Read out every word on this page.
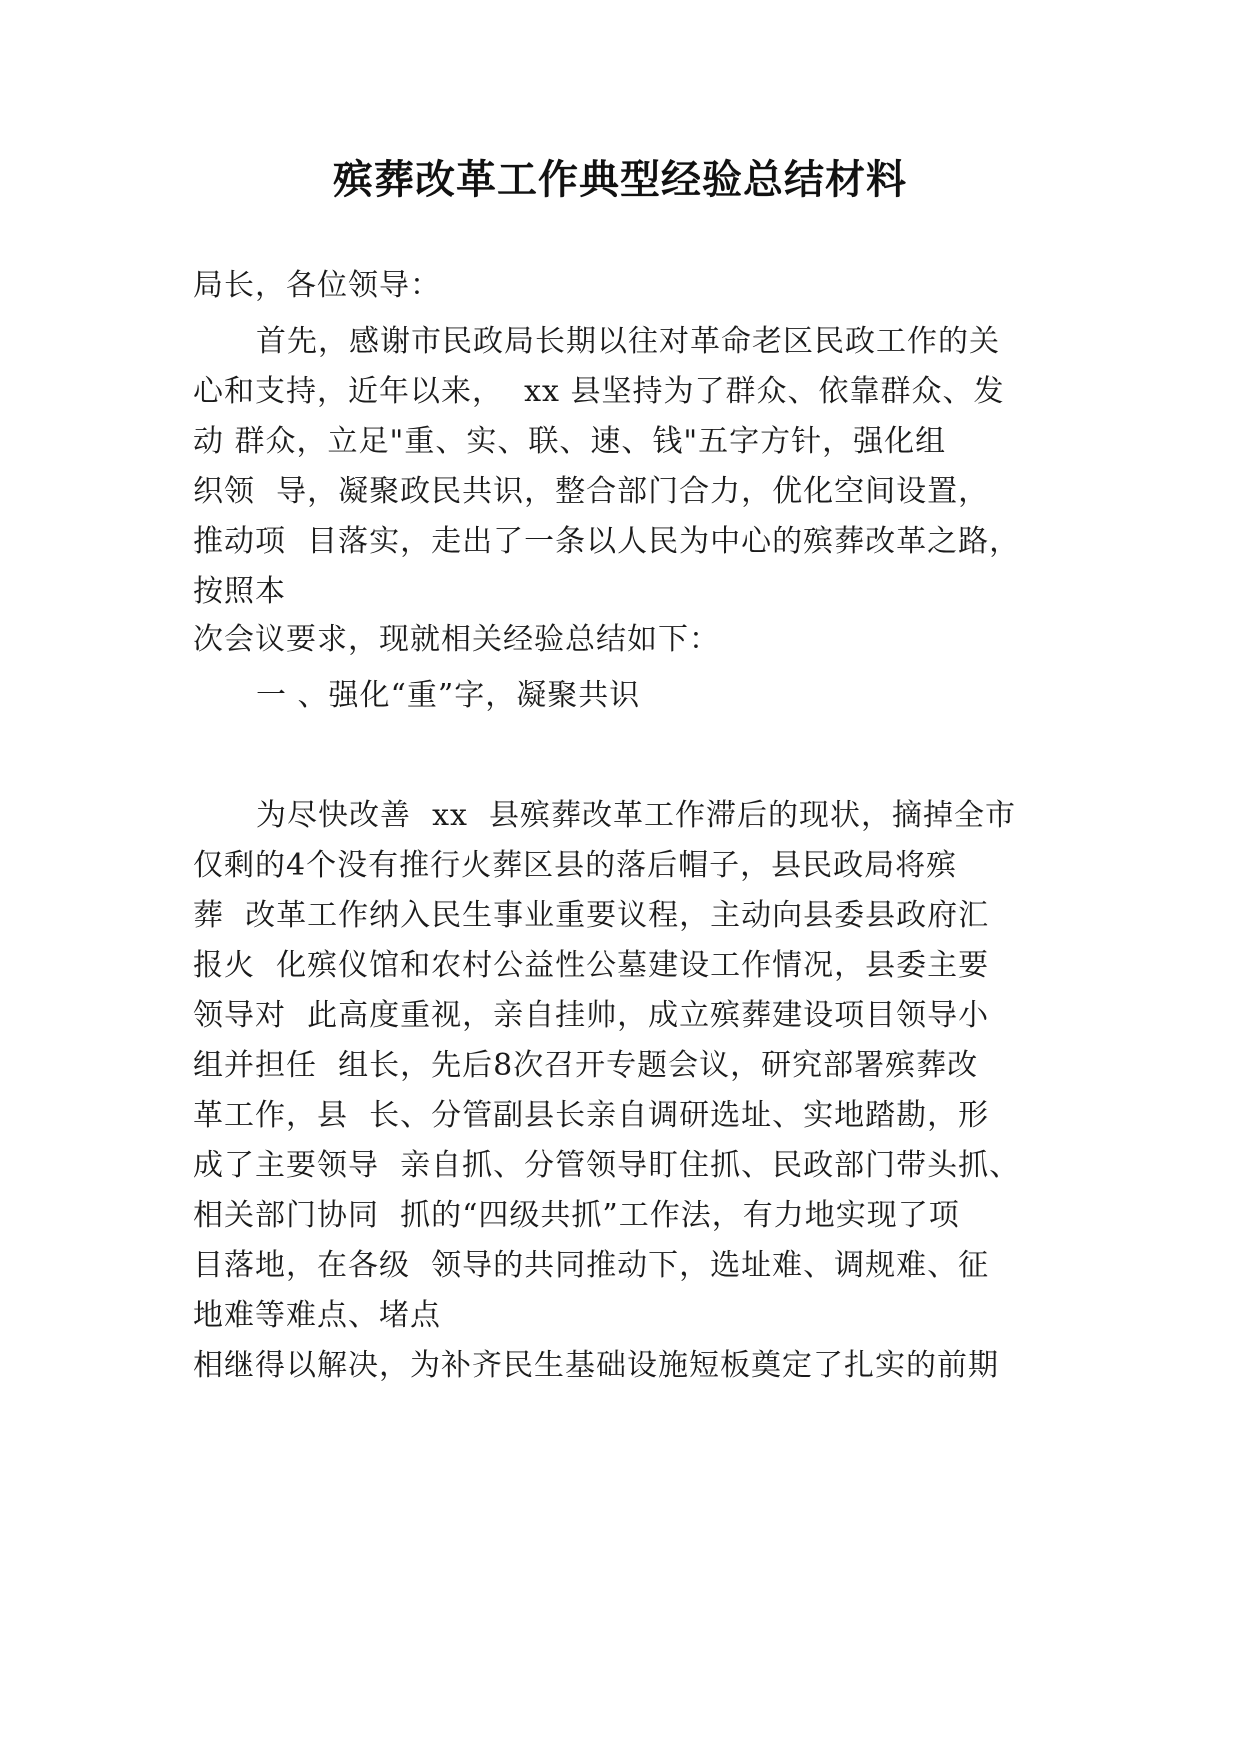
殡葬改革工作典型经验总结材料
局长，各位领导：
首先，感谢市民政局长期以往对革命老区民政工作的关
心和支持，近年以来，  xx 县坚持为了群众、依靠群众、发
动 群众，立足"重、实、联、速、钱"五字方针，强化组
织领  导，凝聚政民共识，整合部门合力，优化空间设置，
推动项  目落实，走出了一条以人民为中心的殡葬改革之路，
按照本
次会议要求，现就相关经验总结如下：
一 、强化“重”字，凝聚共识
为尽快改善  xx  县殡葬改革工作滞后的现状，摘掉全市
仅剩的4个没有推行火葬区县的落后帽子，县民政局将殡
葬  改革工作纳入民生事业重要议程，主动向县委县政府汇
报火  化殡仪馆和农村公益性公墓建设工作情况，县委主要
领导对  此高度重视，亲自挂帅，成立殡葬建设项目领导小
组并担任  组长，先后8次召开专题会议，研究部署殡葬改
革工作，县  长、分管副县长亲自调研选址、实地踏勘，形
成了主要领导  亲自抓、分管领导盯住抓、民政部门带头抓、
相关部门协同  抓的“四级共抓”工作法，有力地实现了项
目落地，在各级  领导的共同推动下，选址难、调规难、征
地难等难点、堵点
相继得以解决，为补齐民生基础设施短板奠定了扎实的前期
